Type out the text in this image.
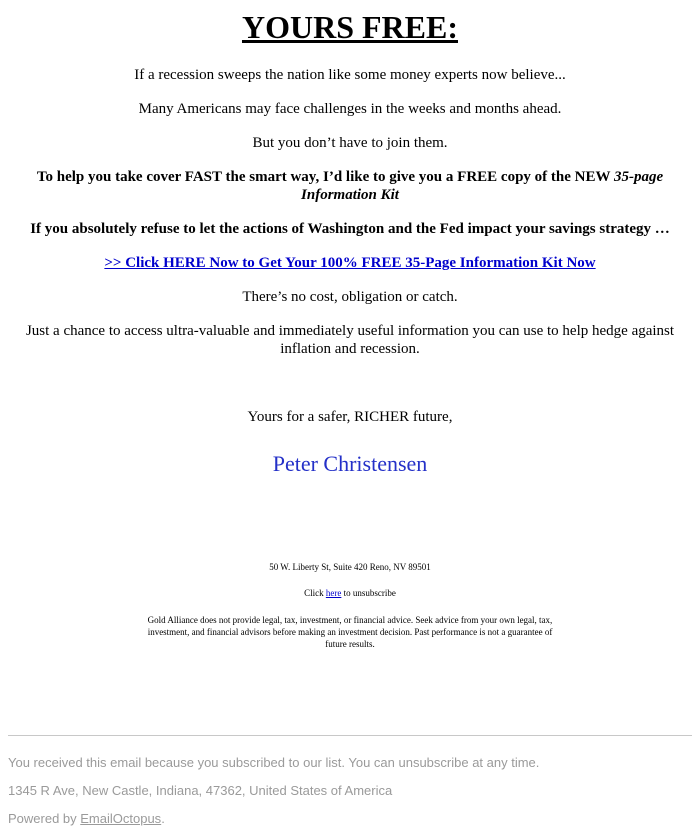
YOURS FREE:

If a recession sweeps the nation like some money experts now believe...

Many Americans may face challenges in the weeks and months ahead.

But you don’t have to join them.

To help you take cover FAST the smart way, I’d like to give you a FREE copy of the NEW 35-page Information Kit

If you absolutely refuse to let the actions of Washington and the Fed impact your savings strategy …

>> Click HERE Now to Get Your 100% FREE 35-Page Information Kit Now

There’s no cost, obligation or catch.

Just a chance to access ultra-valuable and immediately useful information you can use to help hedge against inflation and recession.

Yours for a safer, RICHER future,

Peter Christensen

50 W. Liberty St, Suite 420 Reno, NV 89501

Click here to unsubscribe

Gold Alliance does not provide legal, tax, investment, or financial advice. Seek advice from your own legal, tax, investment, and financial advisors before making an investment decision. Past performance is not a guarantee of future results.

You received this email because you subscribed to our list. You can unsubscribe at any time.

1345 R Ave, New Castle, Indiana, 47362, United States of America

Powered by EmailOctopus.
